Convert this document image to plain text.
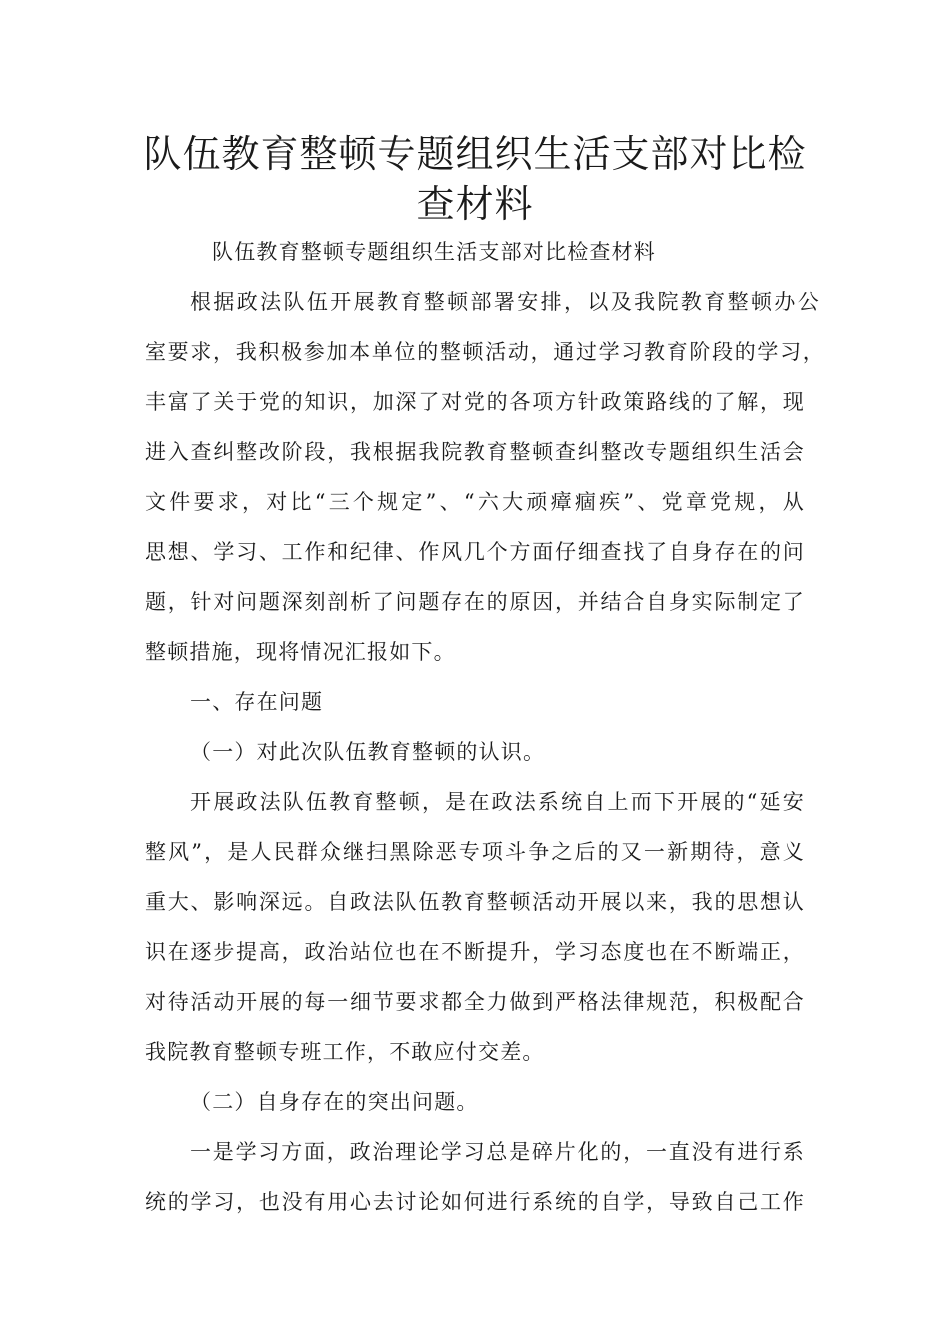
队伍教育整顿专题组织生活支部对比检
查材料

队伍教育整顿专题组织生活支部对比检查材料

根据政法队伍开展教育整顿部署安排，以及我院教育整顿办公

室要求，我积极参加本单位的整顿活动，通过学习教育阶段的学习，

丰富了关于党的知识，加深了对党的各项方针政策路线的了解，现

进入查纠整改阶段，我根据我院教育整顿查纠整改专题组织生活会

文件要求，对比“三个规定”、“六大顽瘴痼疾”、党章党规，从

思想、学习、工作和纪律、作风几个方面仔细查找了自身存在的问

题，针对问题深刻剖析了问题存在的原因，并结合自身实际制定了

整顿措施，现将情况汇报如下。

一、存在问题

（一）对此次队伍教育整顿的认识。

开展政法队伍教育整顿，是在政法系统自上而下开展的“延安

整风”，是人民群众继扫黑除恶专项斗争之后的又一新期待，意义

重大、影响深远。自政法队伍教育整顿活动开展以来，我的思想认

识在逐步提高，政治站位也在不断提升，学习态度也在不断端正，

对待活动开展的每一细节要求都全力做到严格法律规范，积极配合

我院教育整顿专班工作，不敢应付交差。

（二）自身存在的突出问题。

一是学习方面，政治理论学习总是碎片化的，一直没有进行系

统的学习，也没有用心去讨论如何进行系统的自学，导致自己工作
